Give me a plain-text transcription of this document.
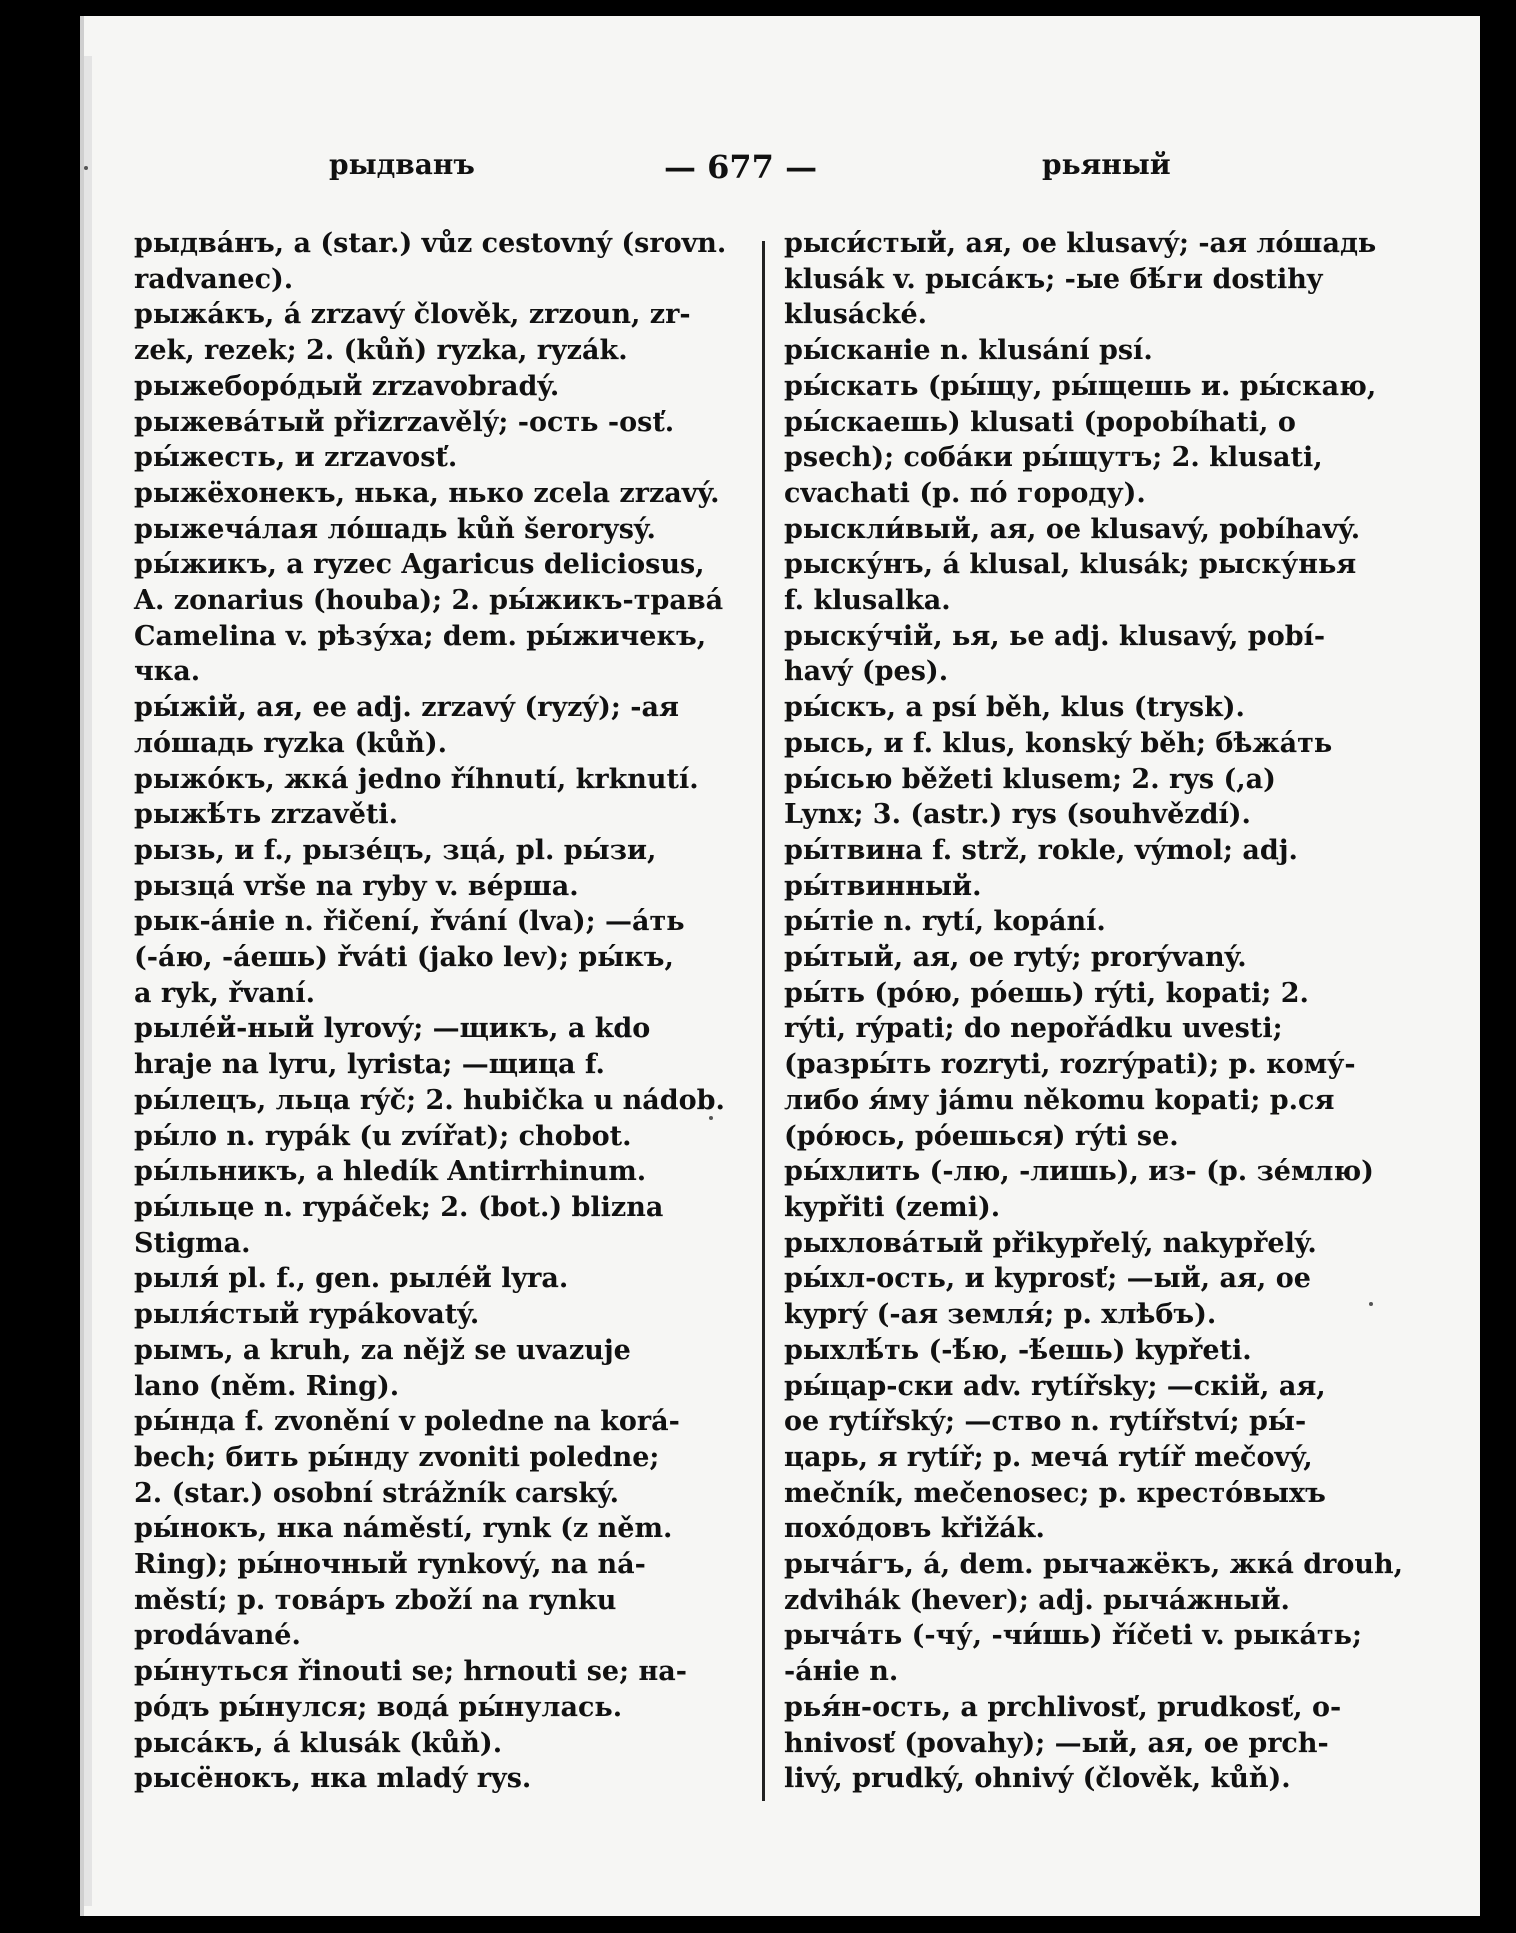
рыдванъ	— 677 —	рьяный

рыдва́нъ, a (star.) vůz cestovný (srovn.

radvanec).

рыжа́къ, á zrzavý člověk, zrzoun, zr-

zek, rezek; 2. (kůň) ryzka, ryzák.

рыжеборо́дый zrzavobradý.

рыжева́тый přizrzavělý; -ость -osť.

ры́жесть, и zrzavosť.

рыжёхонекъ, нька, нько zcela zrzavý.

рыжеча́лая ло́шадь kůň šerorysý.

ры́жикъ, a ryzec Agaricus deliciosus,

A. zonarius (houba); 2. ры́жикъ-трава́

Camelina v. рѣзу́ха; dem. ры́жичекъ,

чка.

ры́жій, ая, ее adj. zrzavý (ryzý); -ая

ло́шадь ryzka (kůň).

рыжо́къ, жка́ jedno říhnutí, krknutí.

рыжѣ́ть zrzavěti.

рызь, и f., рызе́цъ, зца́, pl. ры́зи,

рызца́ vrše na ryby v. ве́рша.

рык-а́ніе n. řičení, řvání (lva); —а́ть

(-а́ю, -а́ешь) řváti (jako lev); ры́къ,

a ryk, řvaní.

рыле́й-ный lyrový; —щикъ, a kdo

hraje na lyru, lyrista; —щица f.

ры́лецъ, льца rýč; 2. hubička u nádob.

ры́ло n. rypák (u zvířat); chobot.

ры́льникъ, a hledík Antirrhinum.

ры́льце n. rypáček; 2. (bot.) blizna

Stigma.

рыля́ pl. f., gen. рыле́й lyra.

рыля́стый rypákovatý.

рымъ, a kruh, za nějž se uvazuje

lano (něm. Ring).

ры́нда f. zvonění v poledne na korá-

bech; бить ры́нду zvoniti poledne;

2. (star.) osobní strážník carský.

ры́нокъ, нка náměstí, rynk (z něm.

Ring); ры́ночный rynkový, na ná-

městí; p. това́ръ zboží na rynku

prodávané.

ры́нуться řinouti se; hrnouti se; на-

ро́дъ ры́нулся; вода́ ры́нулась.

рыса́къ, á klusák (kůň).

рысёнокъ, нка mladý rys.

рыси́стый, ая, ое klusavý; -ая ло́шадь

klusák v. рыса́къ; -ые бѣ́ги dostihy

klusácké.

ры́сканіе n. klusání psí.

ры́скать (ры́щу, ры́щешь и. ры́скаю,

ры́скаешь) klusati (popobíhati, o

psech); соба́ки ры́щутъ; 2. klusati,

cvachati (p. по́ городу).

рыскли́вый, ая, ое klusavý, pobíhavý.

рыску́нъ, á klusal, klusák; рыску́нья

f. klusalka.

рыску́чій, ья, ье adj. klusavý, pobí-

havý (pes).

ры́скъ, a psí běh, klus (trysk).

рысь, и f. klus, konský běh; бѣжа́ть

ры́сью běžeti klusem; 2. rys (,a)

Lynx; 3. (astr.) rys (souhvězdí).

ры́твина f. strž, rokle, výmol; adj.

ры́твинный.

ры́тіе n. rytí, kopání.

ры́тый, ая, ое rytý; prorývaný.

ры́ть (ро́ю, ро́ешь) rýti, kopati; 2.

rýti, rýpati; do nepořádku uvesti;

(разры́ть rozryti, rozrýpati); p. кому́-

либо я́му jámu někomu kopati; p.ся

(рóюсь, рóешься) rýti se.

ры́хлить (-лю, -лишь), из- (p. зе́млю)

kypřiti (zemi).

рыхлова́тый přikypřelý, nakypřelý.

ры́хл-ость, и kyprosť; —ый, ая, ое

kyprý (-ая земля́; p. хлѣбъ).

рыхлѣ́ть (-ѣ́ю, -ѣ́ешь) kypřeti.

ры́цар-ски adv. rytířsky; —скій, ая,

ое rytířský; —ство n. rytířství; ры́-

царь, я rytíř; p. меча́ rytíř mečový,

mečník, mečenosec; p. кресто́выхъ

похо́довъ křižák.

рыча́гъ, á, dem. рычажёкъ, жка́ drouh,

zdvihák (hever); adj. рыча́жный.

рыча́ть (-чу́, -чи́шь) říčeti v. рыка́ть;

-а́ніе n.

рья́н-ость, a prchlivosť, prudkosť, o-

hnivosť (povahy); —ый, ая, ое prch-

livý, prudký, ohnivý (člověk, kůň).
